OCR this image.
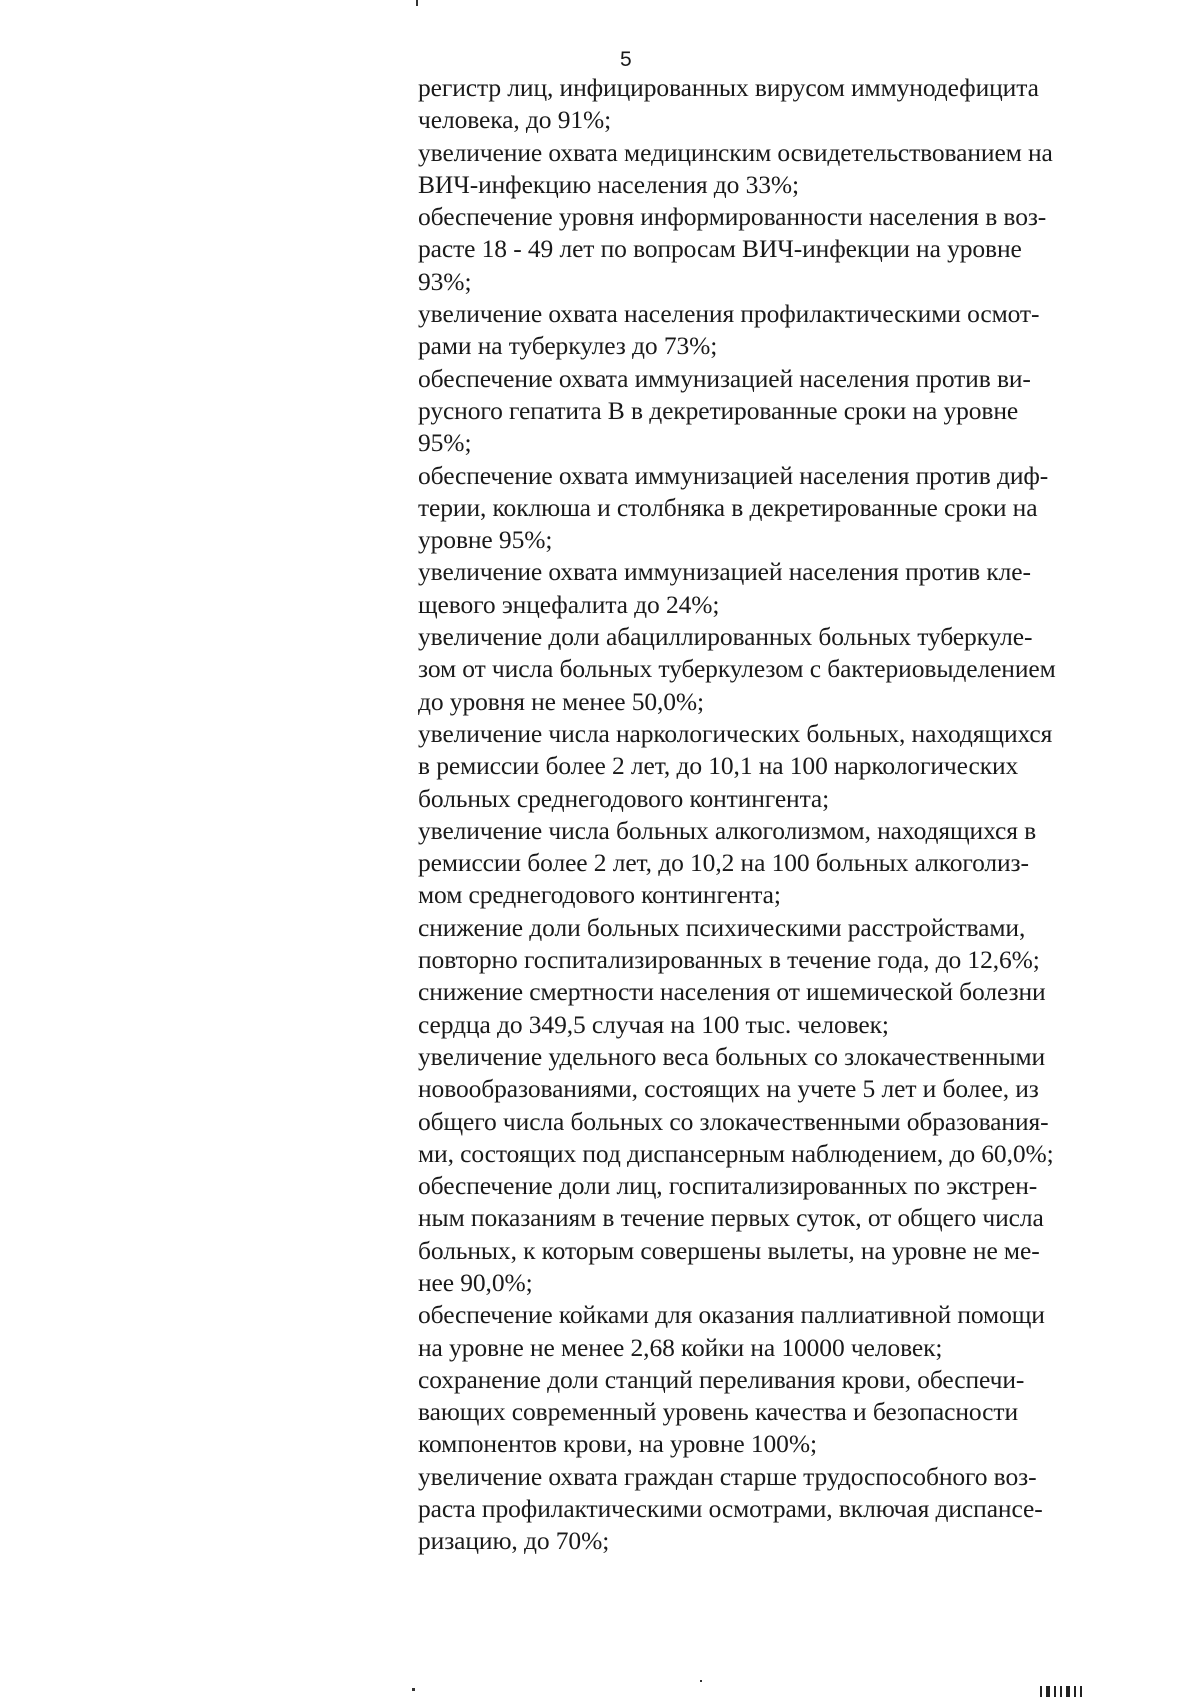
5

регистр лиц, инфицированных вирусом иммунодефицита
человека, до 91%;

увеличение охвата медицинским освидетельствованием на
ВИЧ-инфекцию населения до 33%;

обеспечение уровня информированности населения в воз-
расте 18 - 49 лет по вопросам ВИЧ-инфекции на уровне
93%;

увеличение охвата населения профилактическими осмот-
рами на туберкулез до 73%;

обеспечение охвата иммунизацией населения против ви-
русного гепатита В в декретированные сроки на уровне
95%;

обеспечение охвата иммунизацией населения против диф-
терии, коклюша и столбняка в декретированные сроки на
уровне 95%;

увеличение охвата иммунизацией населения против кле-
щевого энцефалита до 24%;

увеличение доли абациллированных больных туберкуле-
зом от числа больных туберкулезом с бактериовыделением
до уровня не менее 50,0%;

увеличение числа наркологических больных, находящихся
в ремиссии более 2 лет, до 10,1 на 100 наркологических
больных среднегодового контингента;

увеличение числа больных алкоголизмом, находящихся в
ремиссии более 2 лет, до 10,2 на 100 больных алкоголиз-
мом среднегодового контингента;

снижение доли больных психическими расстройствами,
повторно госпитализированных в течение года, до 12,6%;

снижение смертности населения от ишемической болезни
сердца до 349,5 случая на 100 тыс. человек;

увеличение удельного веса больных со злокачественными
новообразованиями, состоящих на учете 5 лет и более, из
общего числа больных со злокачественными образования-
ми, состоящих под диспансерным наблюдением, до 60,0%;

обеспечение доли лиц, госпитализированных по экстрен-
ным показаниям в течение первых суток, от общего числа
больных, к которым совершены вылеты, на уровне не ме-
нее 90,0%;

обеспечение койками для оказания паллиативной помощи
на уровне не менее 2,68 койки на 10000 человек;

сохранение доли станций переливания крови, обеспечи-
вающих современный уровень качества и безопасности
компонентов крови, на уровне 100%;

увеличение охвата граждан старше трудоспособного воз-
раста профилактическими осмотрами, включая диспансе-
ризацию, до 70%;
